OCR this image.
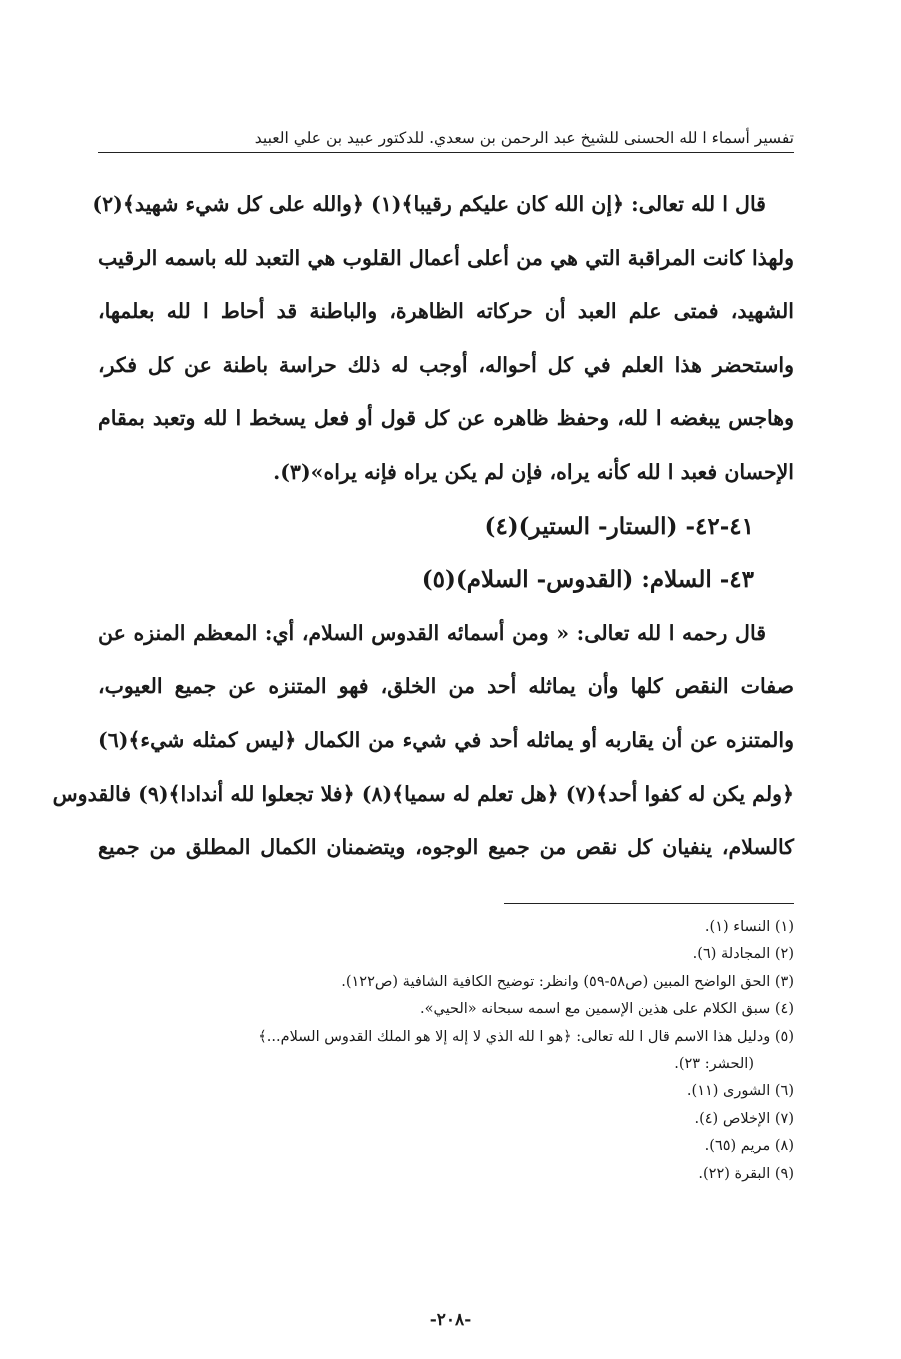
تفسير أسماء ا لله الحسنى للشيخ عبد الرحمن بن سعدي. للدكتور عبيد بن علي العبيد
قال ا لله تعالى: ﴿إن الله كان عليكم رقيبا﴾(١) ﴿والله على كل شيء شهيد﴾(٢)
ولهذا كانت المراقبة التي هي من أعلى أعمال القلوب هي التعبد لله باسمه الرقيب
الشهيد، فمتى علم العبد أن حركاته الظاهرة، والباطنة قد أحاط ا لله بعلمها،
واستحضر هذا العلم في كل أحواله، أوجب له ذلك حراسة باطنة عن كل فكر،
وهاجس يبغضه ا لله، وحفظ ظاهره عن كل قول أو فعل يسخط ا لله وتعبد بمقام
الإحسان فعبد ا لله كأنه يراه، فإن لم يكن يراه فإنه يراه»(٣).
٤١-٤٢- (الستار- الستير)(٤)
٤٣- السلام: (القدوس- السلام)(٥)
قال رحمه ا لله تعالى: « ومن أسمائه القدوس السلام، أي: المعظم المنزه عن
صفات النقص كلها وأن يماثله أحد من الخلق، فهو المتنزه عن جميع العيوب،
والمتنزه عن أن يقاربه أو يماثله أحد في شيء من الكمال ﴿ليس كمثله شيء﴾(٦)
﴿ولم يكن له كفوا أحد﴾(٧) ﴿هل تعلم له سميا﴾(٨) ﴿فلا تجعلوا لله أندادا﴾(٩) فالقدوس
كالسلام، ينفيان كل نقص من جميع الوجوه، ويتضمنان الكمال المطلق من جميع
(١) النساء (١).
(٢) المجادلة (٦).
(٣) الحق الواضح المبين (ص٥٨-٥٩) وانظر: توضيح الكافية الشافية (ص١٢٢).
(٤) سبق الكلام على هذين الإسمين مع اسمه سبحانه «الحيي».
(٥) ودليل هذا الاسم قال ا لله تعالى: ﴿هو ا لله الذي لا إله إلا هو الملك القدوس السلام...﴾
(الحشر: ٢٣).
(٦) الشورى (١١).
(٧) الإخلاص (٤).
(٨) مريم (٦٥).
(٩) البقرة (٢٢).
-٢٠٨-
